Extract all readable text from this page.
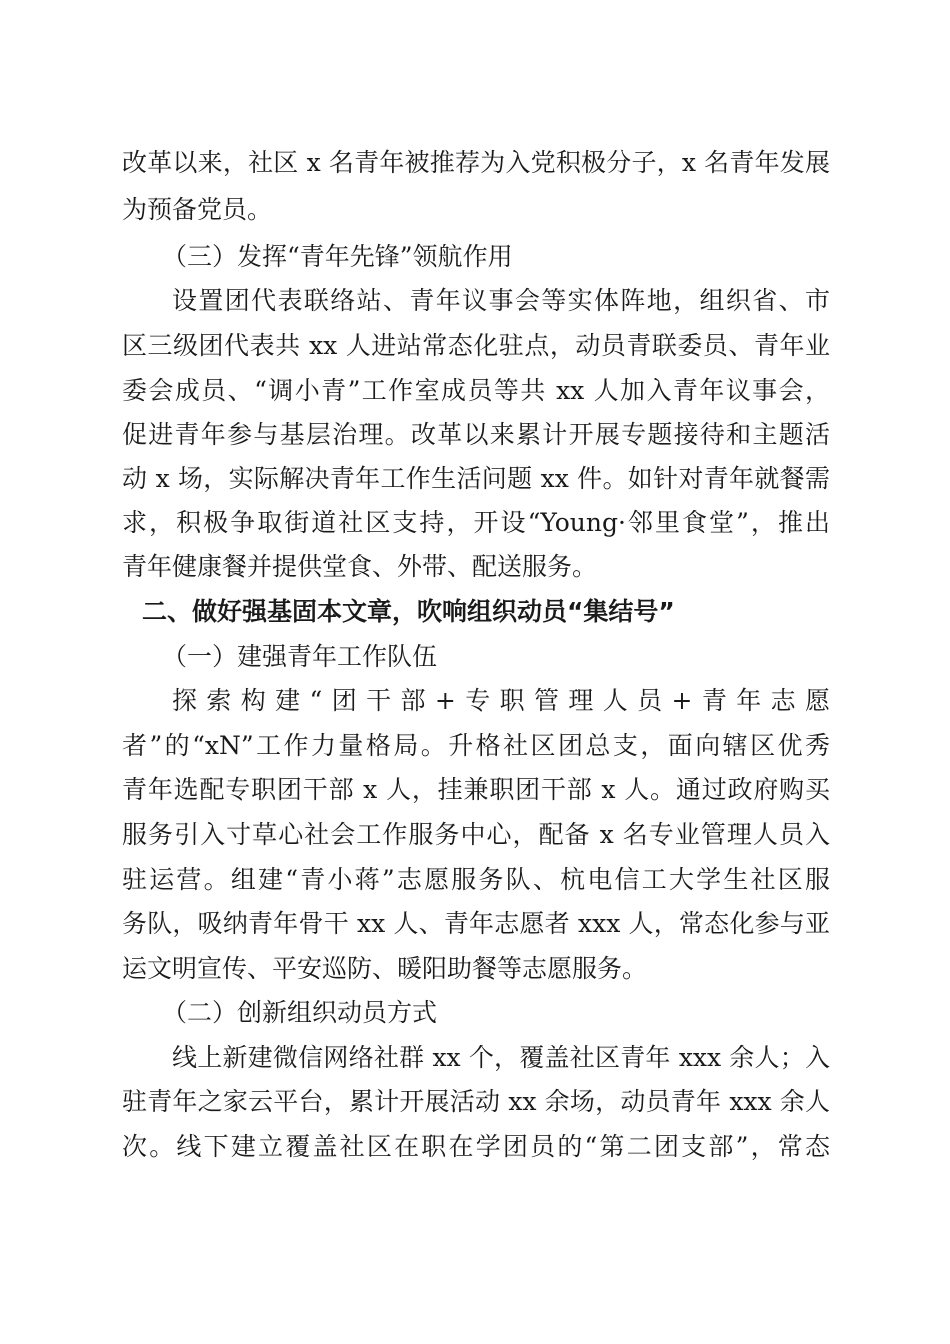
改革以来，社区 x 名青年被推荐为入党积极分子，x 名青年发展
为预备党员。
（三）发挥“青年先锋”领航作用
设置团代表联络站、青年议事会等实体阵地，组织省、市
区三级团代表共 xx 人进站常态化驻点，动员青联委员、青年业
委会成员、“调小青”工作室成员等共 xx 人加入青年议事会，
促进青年参与基层治理。改革以来累计开展专题接待和主题活
动 x 场，实际解决青年工作生活问题 xx 件。如针对青年就餐需
求，积极争取街道社区支持，开设“Young·邻里食堂”，推出
青年健康餐并提供堂食、外带、配送服务。
二、做好强基固本文章，吹响组织动员“集结号”
（一）建强青年工作队伍
探索构建“团干部+专职管理人员+青年志愿
者”的“xN”工作力量格局。升格社区团总支，面向辖区优秀
青年选配专职团干部 x 人，挂兼职团干部 x 人。通过政府购买
服务引入寸草心社会工作服务中心，配备 x 名专业管理人员入
驻运营。组建“青小蒋”志愿服务队、杭电信工大学生社区服
务队，吸纳青年骨干 xx 人、青年志愿者 xxx 人，常态化参与亚
运文明宣传、平安巡防、暖阳助餐等志愿服务。
（二）创新组织动员方式
线上新建微信网络社群 xx 个，覆盖社区青年 xxx 余人；入
驻青年之家云平台，累计开展活动 xx 余场，动员青年 xxx 余人
次。线下建立覆盖社区在职在学团员的“第二团支部”，常态
